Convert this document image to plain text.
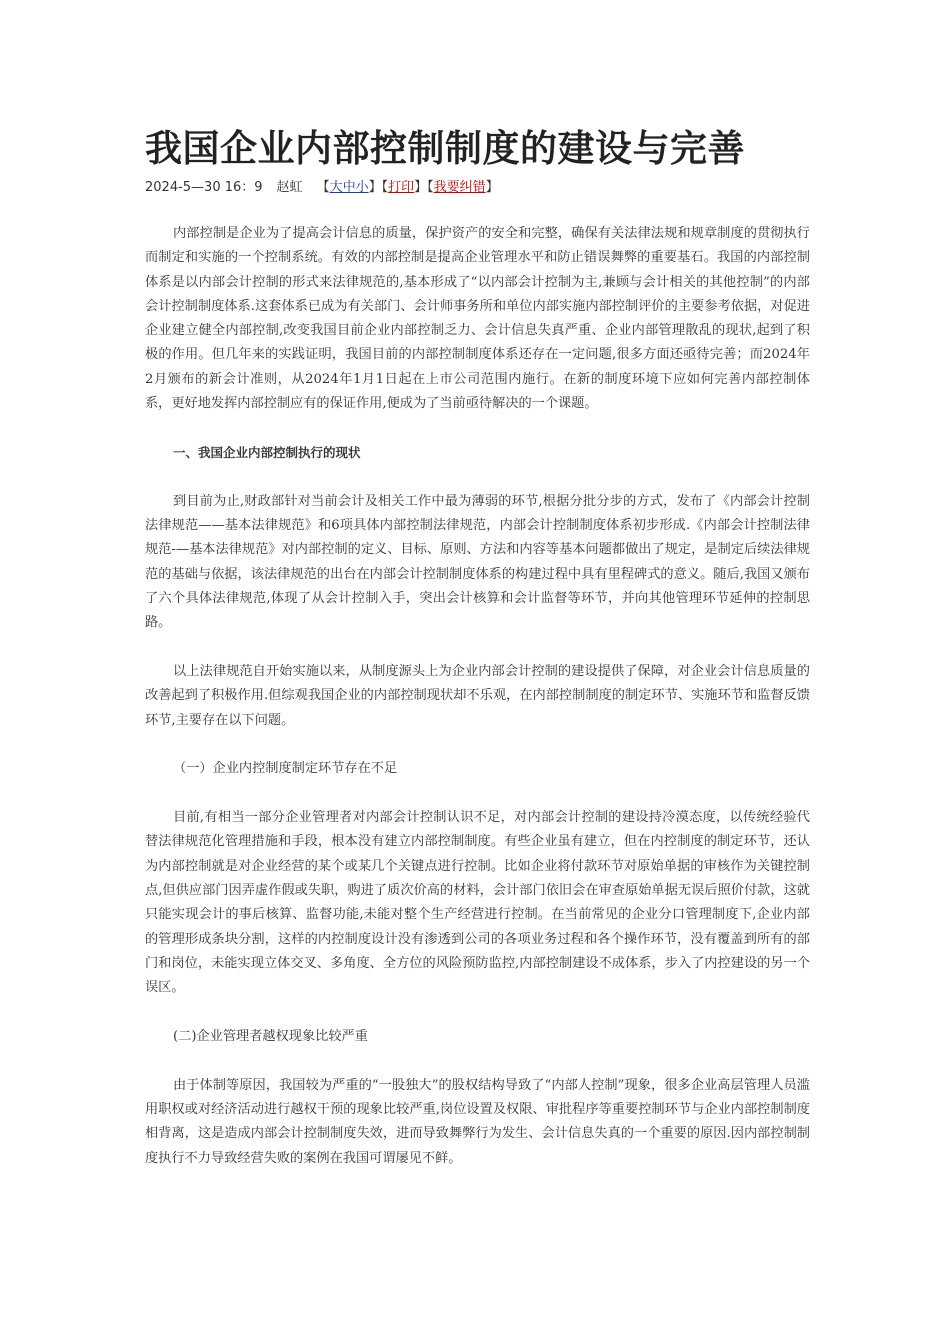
我国企业内部控制制度的建设与完善
2024-5—30 16：9 赵虹 【大中小】【打印】【我要纠错】

内部控制是企业为了提高会计信息的质量，保护资产的安全和完整，确保有关法律法规和规章制度的贯彻执行而制定和实施的一个控制系统。有效的内部控制是提高企业管理水平和防止错误舞弊的重要基石。我国的内部控制体系是以内部会计控制的形式来法律规范的,基本形成了“以内部会计控制为主,兼顾与会计相关的其他控制”的内部会计控制制度体系.这套体系已成为有关部门、会计师事务所和单位内部实施内部控制评价的主要参考依据，对促进企业建立健全内部控制,改变我国目前企业内部控制乏力、会计信息失真严重、企业内部管理散乱的现状,起到了积极的作用。但几年来的实践证明，我国目前的内部控制制度体系还存在一定问题,很多方面还亟待完善；而2024年2月颁布的新会计准则，从2024年1月1日起在上市公司范围内施行。在新的制度环境下应如何完善内部控制体系，更好地发挥内部控制应有的保证作用,便成为了当前亟待解决的一个课题。

一、我国企业内部控制执行的现状

到目前为止,财政部针对当前会计及相关工作中最为薄弱的环节,根据分批分步的方式，发布了《内部会计控制法律规范——基本法律规范》和6项具体内部控制法律规范，内部会计控制制度体系初步形成.《内部会计控制法律规范-—基本法律规范》对内部控制的定义、目标、原则、方法和内容等基本问题都做出了规定，是制定后续法律规范的基础与依据，该法律规范的出台在内部会计控制制度体系的构建过程中具有里程碑式的意义。随后,我国又颁布了六个具体法律规范,体现了从会计控制入手，突出会计核算和会计监督等环节，并向其他管理环节延伸的控制思路。

以上法律规范自开始实施以来，从制度源头上为企业内部会计控制的建设提供了保障，对企业会计信息质量的改善起到了积极作用.但综观我国企业的内部控制现状却不乐观，在内部控制制度的制定环节、实施环节和监督反馈环节,主要存在以下问题。

（一）企业内控制度制定环节存在不足

目前,有相当一部分企业管理者对内部会计控制认识不足，对内部会计控制的建设持冷漠态度，以传统经验代替法律规范化管理措施和手段，根本没有建立内部控制制度。有些企业虽有建立，但在内控制度的制定环节，还认为内部控制就是对企业经营的某个或某几个关键点进行控制。比如企业将付款环节对原始单据的审核作为关键控制点,但供应部门因弄虚作假或失职，购进了质次价高的材料，会计部门依旧会在审查原始单据无误后照价付款，这就只能实现会计的事后核算、监督功能,未能对整个生产经营进行控制。在当前常见的企业分口管理制度下,企业内部的管理形成条块分割，这样的内控制度设计没有渗透到公司的各项业务过程和各个操作环节，没有覆盖到所有的部门和岗位，未能实现立体交叉、多角度、全方位的风险预防监控,内部控制建设不成体系，步入了内控建设的另一个误区。

(二)企业管理者越权现象比较严重

由于体制等原因，我国较为严重的“一股独大”的股权结构导致了“内部人控制”现象，很多企业高层管理人员滥用职权或对经济活动进行越权干预的现象比较严重,岗位设置及权限、审批程序等重要控制环节与企业内部控制制度相背离，这是造成内部会计控制制度失效，进而导致舞弊行为发生、会计信息失真的一个重要的原因.因内部控制制度执行不力导致经营失败的案例在我国可谓屡见不鲜。
